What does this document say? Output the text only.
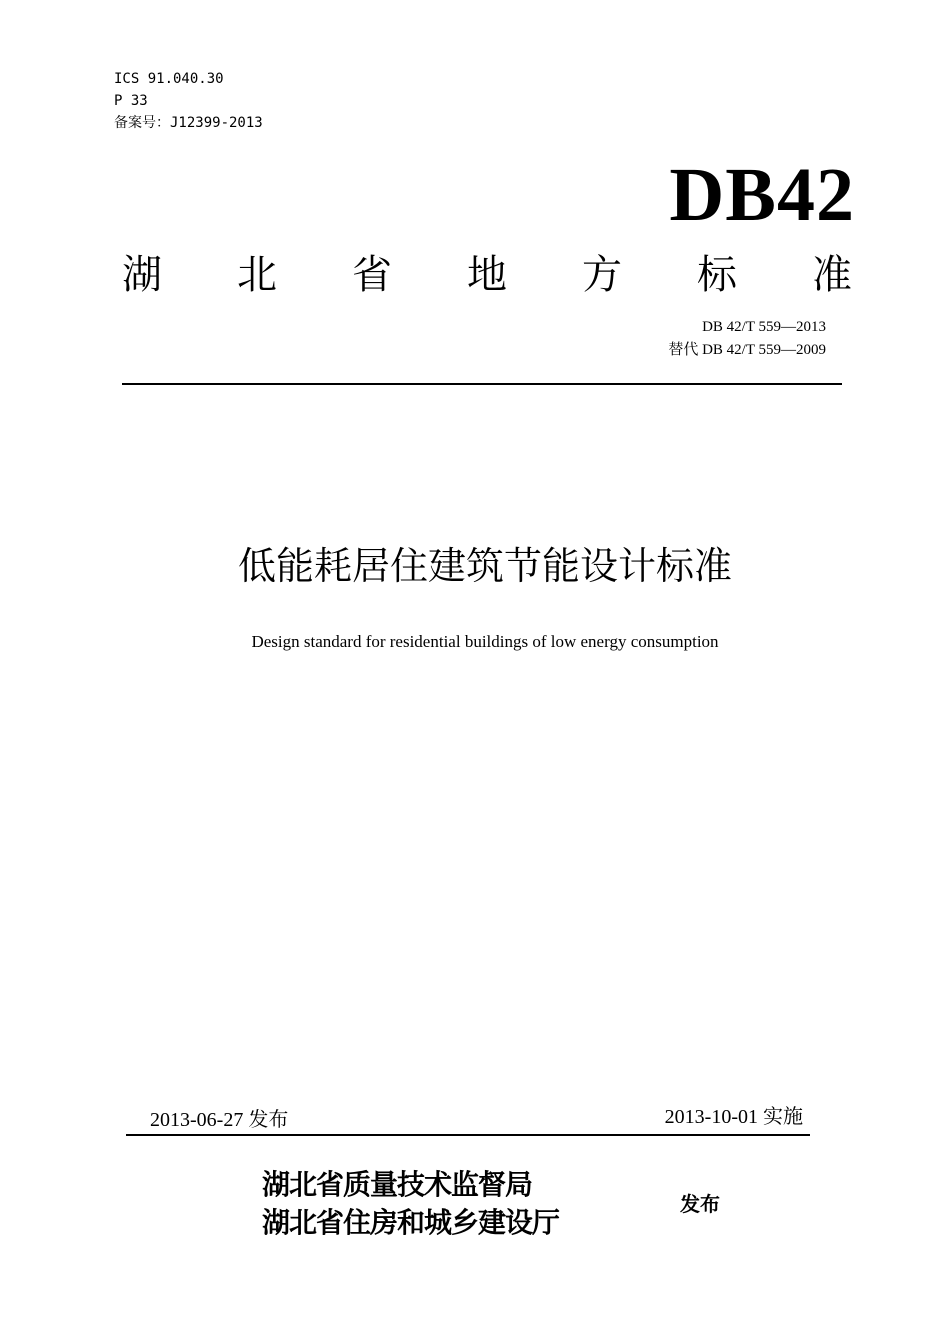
ICS 91.040.30
P 33
备案号：J12399-2013
DB42
湖 北 省 地 方 标 准
DB 42/T 559—2013
替代 DB 42/T 559—2009
低能耗居住建筑节能设计标准
Design standard for residential buildings of low energy consumption
2013-06-27 发布	2013-10-01 实施
湖北省质量技术监督局
湖北省住房和城乡建设厅
发布
